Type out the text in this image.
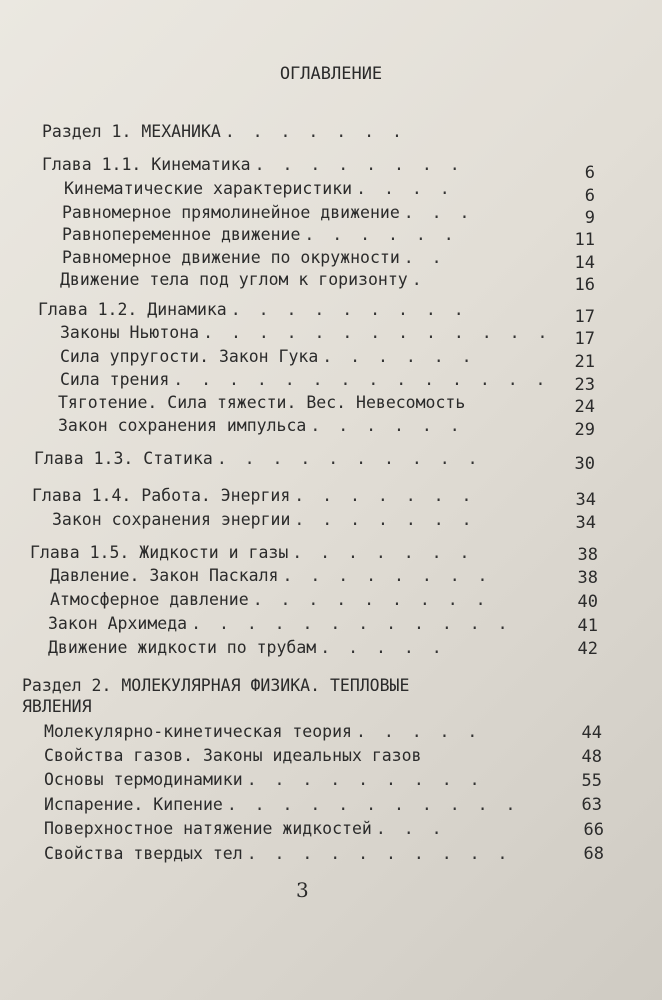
ОГЛАВЛЕНИЕ
Раздел 1. МЕХАНИКА . . . . . . .
Глава 1.1. Кинематика . . . . . . . .	6
Кинематические характеристики . . . .	6
Равномерное прямолинейное движение . . .	9
Равнопеременное движение . . . . . .	11
Равномерное движение по окружности . .	14
Движение тела под углом к горизонту .	16
Глава 1.2. Динамика . . . . . . . . .	17
Законы Ньютона . . . . . . . . . . . . .	17
Сила упругости. Закон Гука . . . . . .	21
Сила трения . . . . . . . . . . . . . .	23
Тяготение. Сила тяжести. Вес. Невесомость	24
Закон сохранения импульса . . . . . .	29
Глава 1.3. Статика . . . . . . . . . .	30
Глава 1.4. Работа. Энергия . . . . . . .	34
Закон сохранения энергии . . . . . . .	34
Глава 1.5. Жидкости и газы . . . . . . .	38
Давление. Закон Паскаля . . . . . . . .	38
Атмосферное давление . . . . . . . . .	40
Закон Архимеда . . . . . . . . . . . .	41
Движение жидкости по трубам . . . . .	42
Раздел 2. МОЛЕКУЛЯРНАЯ ФИЗИКА. ТЕПЛОВЫЕ
ЯВЛЕНИЯ
Молекулярно-кинетическая теория . . . . .	44
Свойства газов. Законы идеальных газов	48
Основы термодинамики . . . . . . . . .	55
Испарение. Кипение . . . . . . . . . . .	63
Поверхностное натяжение жидкостей . . .	66
Свойства твердых тел . . . . . . . . . .	68
3
